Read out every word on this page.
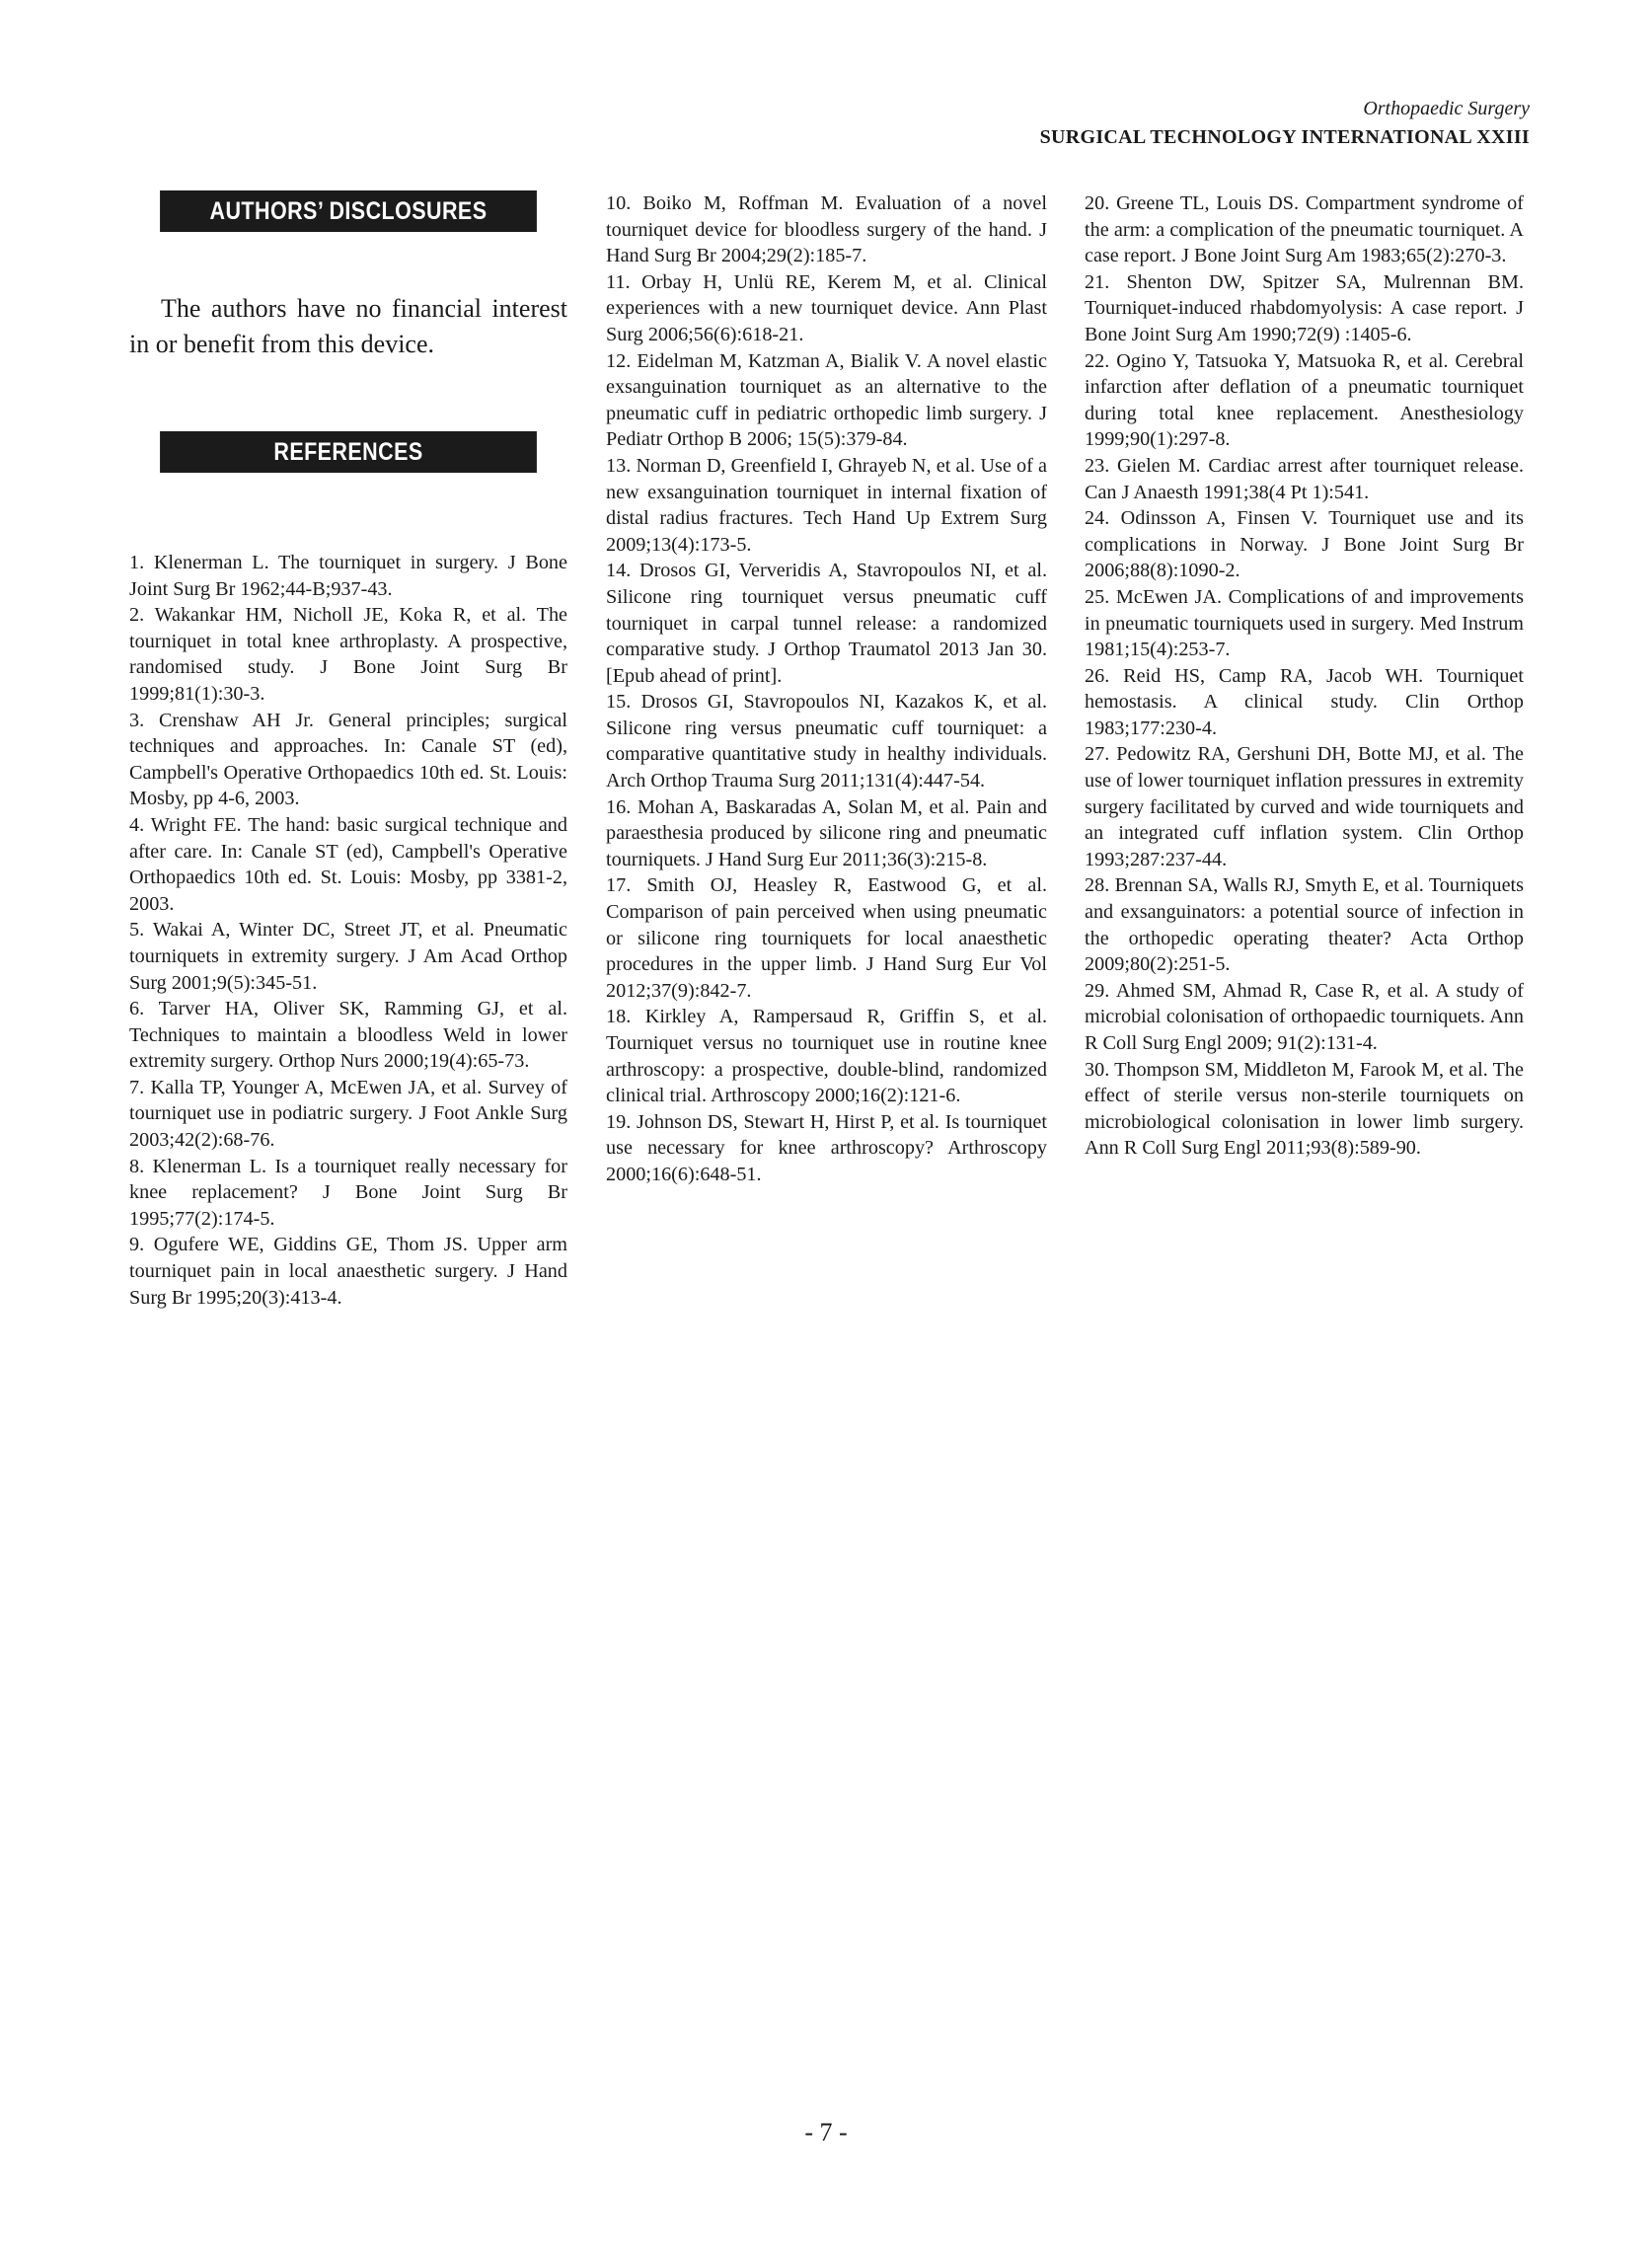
Orthopaedic Surgery
SURGICAL TECHNOLOGY INTERNATIONAL XXIII
AUTHORS’ DISCLOSURES

The authors have no financial interest in or benefit from this device.

REFERENCES

1. Klenerman L. The tourniquet in surgery. J Bone Joint Surg Br 1962;44-B;937-43.

2. Wakankar HM, Nicholl JE, Koka R, et al. The tourniquet in total knee arthroplasty. A prospective, randomised study. J Bone Joint Surg Br 1999;81(1):30-3.

3. Crenshaw AH Jr. General principles; surgical techniques and approaches. In: Canale ST (ed), Campbell's Operative Orthopaedics 10th ed. St. Louis: Mosby, pp 4-6, 2003.

4. Wright FE. The hand: basic surgical technique and after care. In: Canale ST (ed), Campbell's Operative Orthopaedics 10th ed. St. Louis: Mosby, pp 3381-2, 2003.

5. Wakai A, Winter DC, Street JT, et al. Pneumatic tourniquets in extremity surgery. J Am Acad Orthop Surg 2001;9(5):345-51.

6. Tarver HA, Oliver SK, Ramming GJ, et al. Techniques to maintain a bloodless Weld in lower extremity surgery. Orthop Nurs 2000;19(4):65-73.

7. Kalla TP, Younger A, McEwen JA, et al. Survey of tourniquet use in podiatric surgery. J Foot Ankle Surg 2003;42(2):68-76.

8. Klenerman L. Is a tourniquet really necessary for knee replacement? J Bone Joint Surg Br 1995;77(2):174-5.

9. Ogufere WE, Giddins GE, Thom JS. Upper arm tourniquet pain in local anaesthetic surgery. J Hand Surg Br 1995;20(3):413-4.

10. Boiko M, Roffman M. Evaluation of a novel tourniquet device for bloodless surgery of the hand. J Hand Surg Br 2004;29(2):185-7.

11. Orbay H, Unlü RE, Kerem M, et al. Clinical experiences with a new tourniquet device. Ann Plast Surg 2006;56(6):618-21.

12. Eidelman M, Katzman A, Bialik V. A novel elastic exsanguination tourniquet as an alternative to the pneumatic cuff in pediatric orthopedic limb surgery. J Pediatr Orthop B 2006; 15(5):379-84.

13. Norman D, Greenfield I, Ghrayeb N, et al. Use of a new exsanguination tourniquet in internal fixation of distal radius fractures. Tech Hand Up Extrem Surg 2009;13(4):173-5.

14. Drosos GI, Ververidis A, Stavropoulos NI, et al. Silicone ring tourniquet versus pneumatic cuff tourniquet in carpal tunnel release: a randomized comparative study. J Orthop Traumatol 2013 Jan 30. [Epub ahead of print].

15. Drosos GI, Stavropoulos NI, Kazakos K, et al. Silicone ring versus pneumatic cuff tourniquet: a comparative quantitative study in healthy individuals. Arch Orthop Trauma Surg 2011;131(4):447-54.

16. Mohan A, Baskaradas A, Solan M, et al. Pain and paraesthesia produced by silicone ring and pneumatic tourniquets. J Hand Surg Eur 2011;36(3):215-8.

17. Smith OJ, Heasley R, Eastwood G, et al. Comparison of pain perceived when using pneumatic or silicone ring tourniquets for local anaesthetic procedures in the upper limb. J Hand Surg Eur Vol 2012;37(9):842-7.

18. Kirkley A, Rampersaud R, Griffin S, et al. Tourniquet versus no tourniquet use in routine knee arthroscopy: a prospective, double-blind, randomized clinical trial. Arthroscopy 2000;16(2):121-6.

19. Johnson DS, Stewart H, Hirst P, et al. Is tourniquet use necessary for knee arthroscopy? Arthroscopy 2000;16(6):648-51.

20. Greene TL, Louis DS. Compartment syndrome of the arm: a complication of the pneumatic tourniquet. A case report. J Bone Joint Surg Am 1983;65(2):270-3.

21. Shenton DW, Spitzer SA, Mulrennan BM. Tourniquet-induced rhabdomyolysis: A case report. J Bone Joint Surg Am 1990;72(9) :1405-6.

22. Ogino Y, Tatsuoka Y, Matsuoka R, et al. Cerebral infarction after deflation of a pneumatic tourniquet during total knee replacement. Anesthesiology 1999;90(1):297-8.

23. Gielen M. Cardiac arrest after tourniquet release. Can J Anaesth 1991;38(4 Pt 1):541.

24. Odinsson A, Finsen V. Tourniquet use and its complications in Norway. J Bone Joint Surg Br 2006;88(8):1090-2.

25. McEwen JA. Complications of and improvements in pneumatic tourniquets used in surgery. Med Instrum 1981;15(4):253-7.

26. Reid HS, Camp RA, Jacob WH. Tourniquet hemostasis. A clinical study. Clin Orthop 1983;177:230-4.

27. Pedowitz RA, Gershuni DH, Botte MJ, et al. The use of lower tourniquet inflation pressures in extremity surgery facilitated by curved and wide tourniquets and an integrated cuff inflation system. Clin Orthop 1993;287:237-44.

28. Brennan SA, Walls RJ, Smyth E, et al. Tourniquets and exsanguinators: a potential source of infection in the orthopedic operating theater? Acta Orthop 2009;80(2):251-5.

29. Ahmed SM, Ahmad R, Case R, et al. A study of microbial colonisation of orthopaedic tourniquets. Ann R Coll Surg Engl 2009; 91(2):131-4.

30. Thompson SM, Middleton M, Farook M, et al. The effect of sterile versus non-sterile tourniquets on microbiological colonisation in lower limb surgery. Ann R Coll Surg Engl 2011;93(8):589-90.

- 7 -
